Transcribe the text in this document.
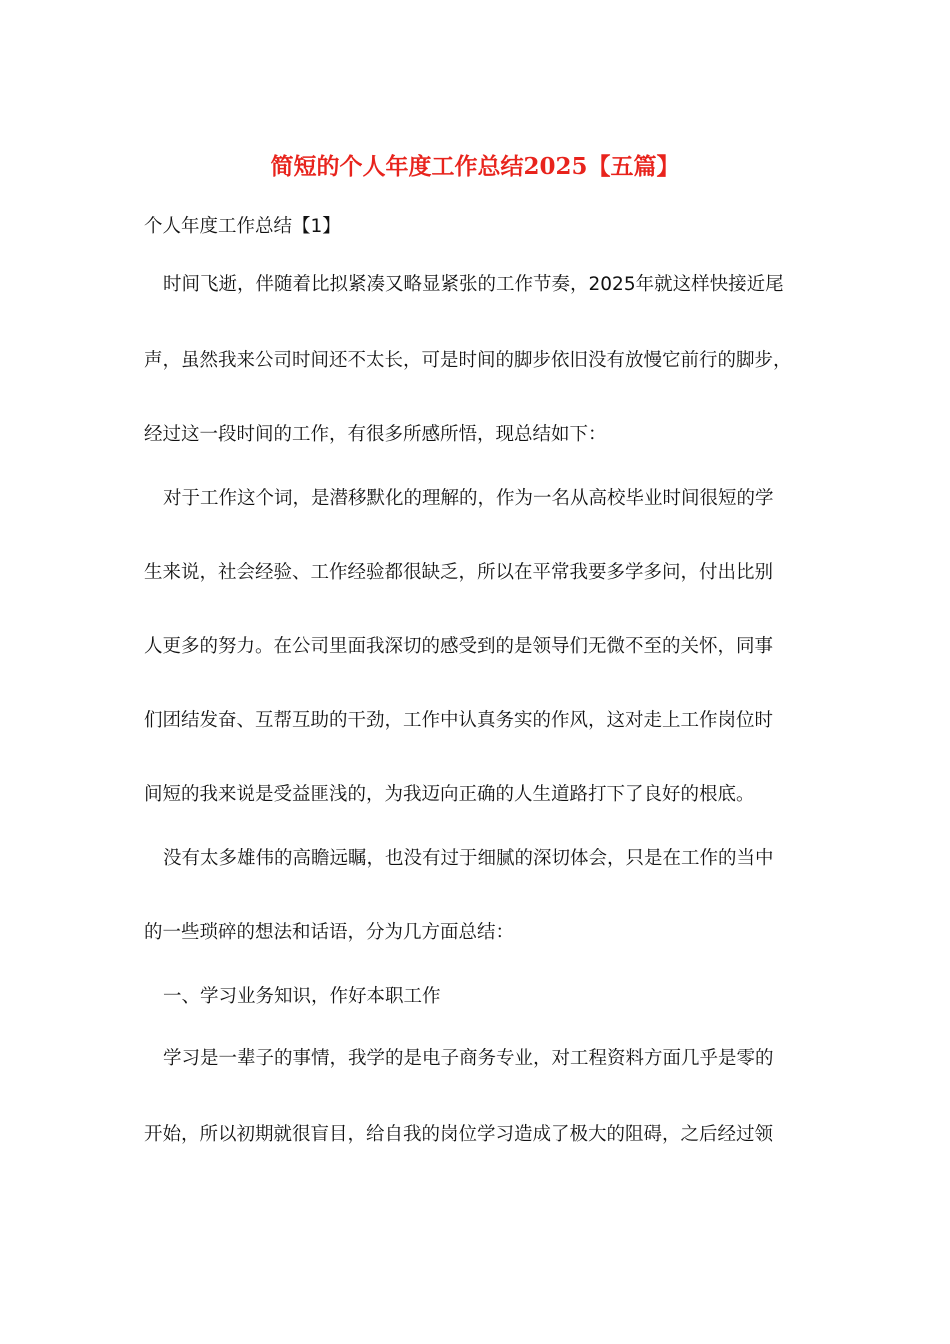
简短的个人年度工作总结2025【五篇】
个人年度工作总结【1】
时间飞逝，伴随着比拟紧凑又略显紧张的工作节奏，2025年就这样快接近尾
声，虽然我来公司时间还不太长，可是时间的脚步依旧没有放慢它前行的脚步，
经过这一段时间的工作，有很多所感所悟，现总结如下：
对于工作这个词，是潜移默化的理解的，作为一名从高校毕业时间很短的学
生来说，社会经验、工作经验都很缺乏，所以在平常我要多学多问，付出比别
人更多的努力。在公司里面我深切的感受到的是领导们无微不至的关怀，同事
们团结发奋、互帮互助的干劲，工作中认真务实的作风，这对走上工作岗位时
间短的我来说是受益匪浅的，为我迈向正确的人生道路打下了良好的根底。
没有太多雄伟的高瞻远瞩，也没有过于细腻的深切体会，只是在工作的当中
的一些琐碎的想法和话语，分为几方面总结：
一、学习业务知识，作好本职工作
学习是一辈子的事情，我学的是电子商务专业，对工程资料方面几乎是零的
开始，所以初期就很盲目，给自我的岗位学习造成了极大的阻碍，之后经过领
